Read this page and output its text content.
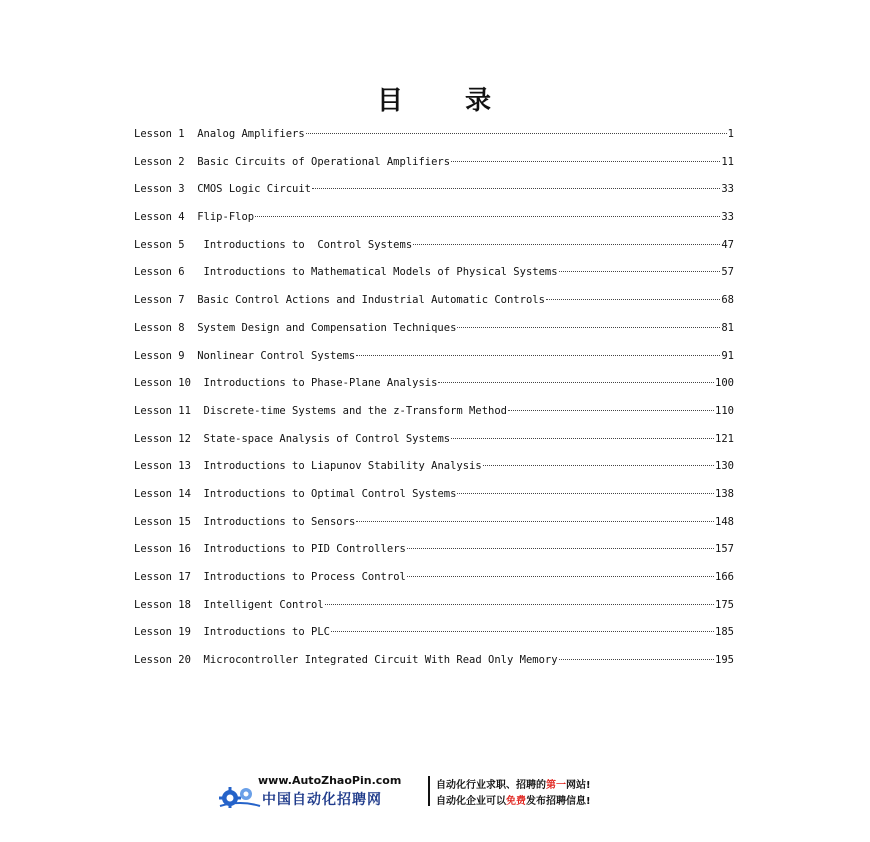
目 录
Lesson 1 Analog Amplifiers	1
Lesson 2 Basic Circuits of Operational Amplifiers	11
Lesson 3 CMOS Logic Circuit	33
Lesson 4 Flip-Flop	33
Lesson 5 Introductions to  Control Systems	47
Lesson 6 Introductions to Mathematical Models of Physical Systems	57
Lesson 7 Basic Control Actions and Industrial Automatic Controls	68
Lesson 8 System Design and Compensation Techniques	81
Lesson 9 Nonlinear Control Systems	91
Lesson 10 Introductions to Phase-Plane Analysis	100
Lesson 11 Discrete-time Systems and the z-Transform Method	110
Lesson 12 State-space Analysis of Control Systems	121
Lesson 13 Introductions to Liapunov Stability Analysis	130
Lesson 14 Introductions to Optimal Control Systems	138
Lesson 15 Introductions to Sensors	148
Lesson 16 Introductions to PID Controllers	157
Lesson 17 Introductions to Process Control	166
Lesson 18 Intelligent Control	175
Lesson 19 Introductions to PLC	185
Lesson 20 Microcontroller Integrated Circuit With Read Only Memory	195
www.AutoZhaoPin.com
中国自动化招聘网
自动化行业求职、招聘的第一网站!
自动化企业可以免费发布招聘信息!
